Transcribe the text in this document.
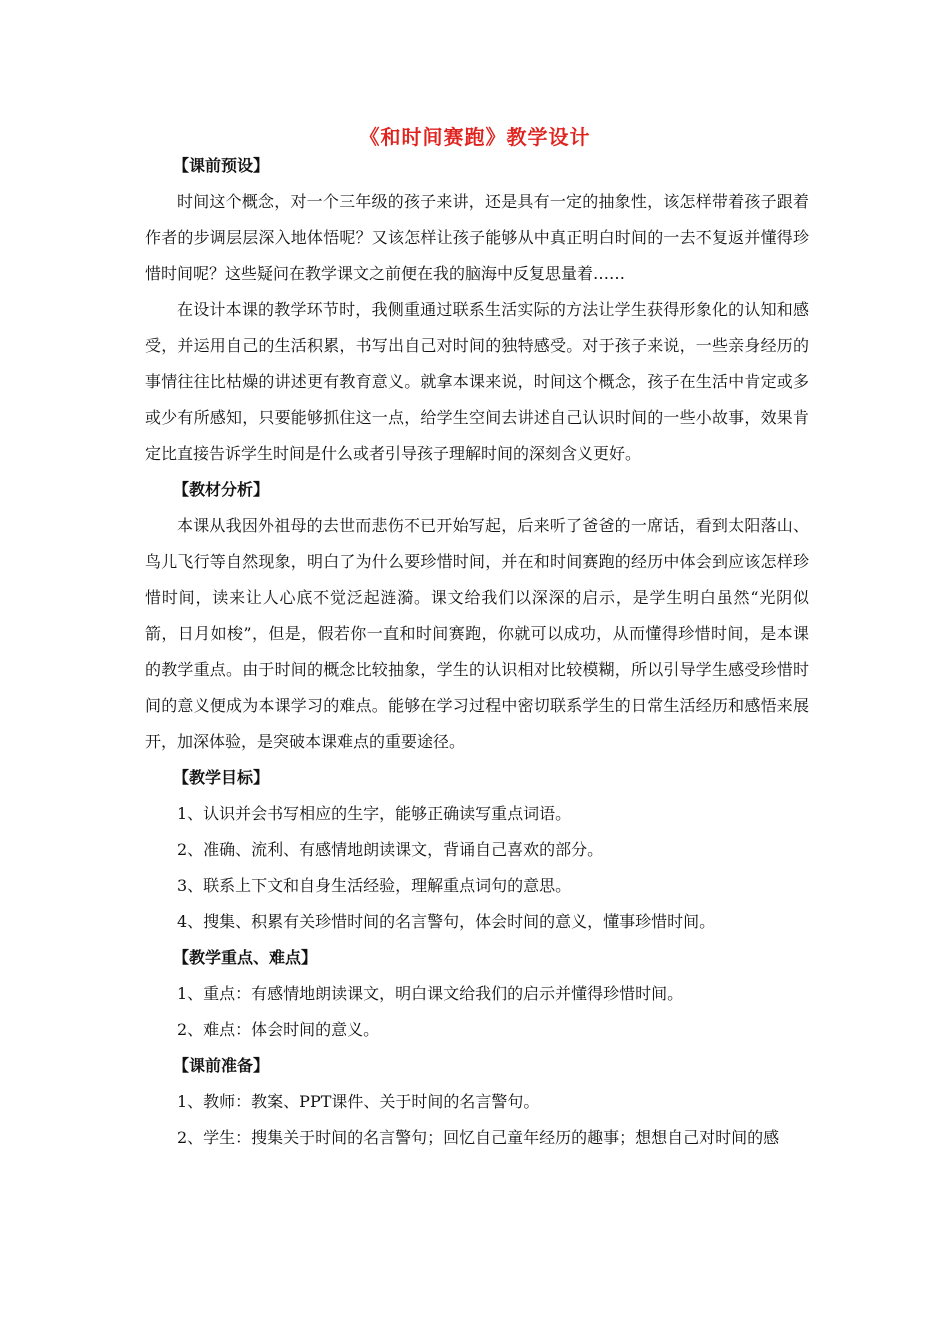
《和时间赛跑》教学设计
【课前预设】

时间这个概念，对一个三年级的孩子来讲，还是具有一定的抽象性，该怎样带着孩子跟着作者的步调层层深入地体悟呢？又该怎样让孩子能够从中真正明白时间的一去不复返并懂得珍惜时间呢？这些疑问在教学课文之前便在我的脑海中反复思量着……

在设计本课的教学环节时，我侧重通过联系生活实际的方法让学生获得形象化的认知和感受，并运用自己的生活积累，书写出自己对时间的独特感受。对于孩子来说，一些亲身经历的事情往往比枯燥的讲述更有教育意义。就拿本课来说，时间这个概念，孩子在生活中肯定或多或少有所感知，只要能够抓住这一点，给学生空间去讲述自己认识时间的一些小故事，效果肯定比直接告诉学生时间是什么或者引导孩子理解时间的深刻含义更好。

【教材分析】

本课从我因外祖母的去世而悲伤不已开始写起，后来听了爸爸的一席话，看到太阳落山、鸟儿飞行等自然现象，明白了为什么要珍惜时间，并在和时间赛跑的经历中体会到应该怎样珍惜时间，读来让人心底不觉泛起涟漪。课文给我们以深深的启示，是学生明白虽然“光阴似箭，日月如梭”，但是，假若你一直和时间赛跑，你就可以成功，从而懂得珍惜时间，是本课的教学重点。由于时间的概念比较抽象，学生的认识相对比较模糊，所以引导学生感受珍惜时间的意义便成为本课学习的难点。能够在学习过程中密切联系学生的日常生活经历和感悟来展开，加深体验，是突破本课难点的重要途径。

【教学目标】

1、认识并会书写相应的生字，能够正确读写重点词语。

2、准确、流利、有感情地朗读课文，背诵自己喜欢的部分。

3、联系上下文和自身生活经验，理解重点词句的意思。

4、搜集、积累有关珍惜时间的名言警句，体会时间的意义，懂事珍惜时间。

【教学重点、难点】

1、重点：有感情地朗读课文，明白课文给我们的启示并懂得珍惜时间。

2、难点：体会时间的意义。

【课前准备】

1、教师：教案、PPT课件、关于时间的名言警句。

2、学生：搜集关于时间的名言警句；回忆自己童年经历的趣事；想想自己对时间的感
